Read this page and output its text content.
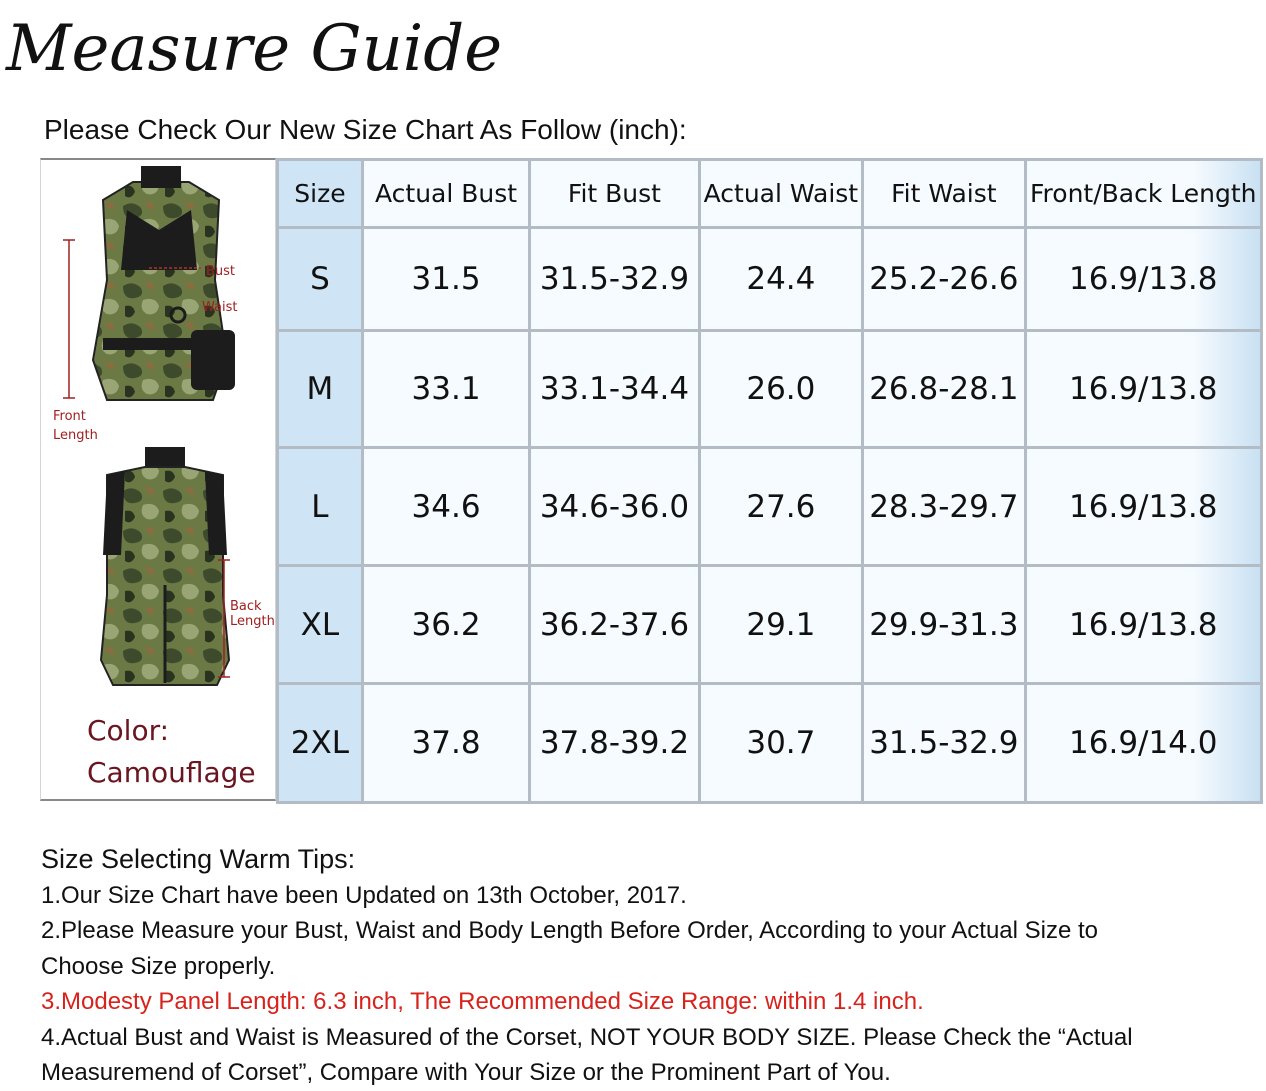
Measure Guide
Please Check Our New Size Chart As Follow (inch):
Bust
Waist
Front
Length
Back
Length
Color:
Camouflage
Size	Actual Bust	Fit Bust	Actual Waist	Fit Waist	Front/Back Length
S	31.5	31.5-32.9	24.4	25.2-26.6	16.9/13.8
M	33.1	33.1-34.4	26.0	26.8-28.1	16.9/13.8
L	34.6	34.6-36.0	27.6	28.3-29.7	16.9/13.8
XL	36.2	36.2-37.6	29.1	29.9-31.3	16.9/13.8
2XL	37.8	37.8-39.2	30.7	31.5-32.9	16.9/14.0
Size Selecting Warm Tips:
1.Our Size Chart have been Updated on 13th October, 2017.
2.Please Measure your Bust, Waist and Body Length Before Order, According to your Actual Size to
Choose Size properly.
3.Modesty Panel Length: 6.3 inch, The Recommended Size Range: within 1.4 inch.
4.Actual Bust and Waist is Measured of the Corset, NOT YOUR BODY SIZE. Please Check the “Actual
Measuremend of Corset”, Compare with Your Size or the Prominent Part of You.
